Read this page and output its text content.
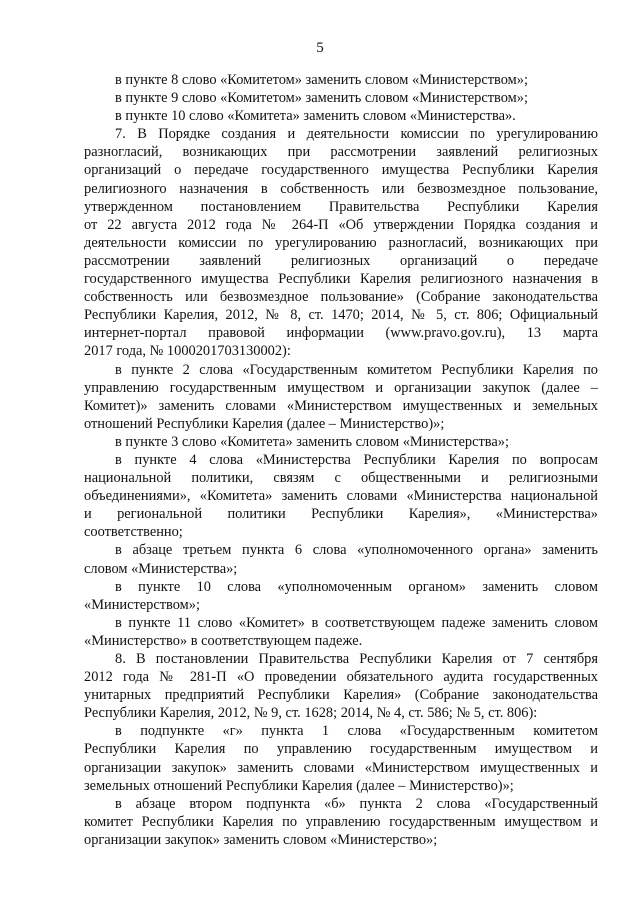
5

в пункте 8 слово «Комитетом» заменить словом «Министерством»;

в пункте 9 слово «Комитетом» заменить словом «Министерством»;

в пункте 10 слово «Комитета» заменить словом «Министерства».

7. В Порядке создания и деятельности комиссии по урегулированию
разногласий, возникающих при рассмотрении заявлений религиозных
организаций о передаче государственного имущества Республики Карелия
религиозного назначения в собственность или безвозмездное пользование,
утвержденном постановлением Правительства Республики Карелия
от 22 августа 2012 года № 264-П «Об утверждении Порядка создания и
деятельности комиссии по урегулированию разногласий, возникающих при
рассмотрении заявлений религиозных организаций о передаче
государственного имущества Республики Карелия религиозного назначения в
собственность или безвозмездное пользование» (Собрание законодательства
Республики Карелия, 2012, № 8, ст. 1470; 2014, № 5, ст. 806; Официальный
интернет-портал правовой информации (www.pravo.gov.ru), 13 марта
2017 года, № 1000201703130002):

в пункте 2 слова «Государственным комитетом Республики Карелия по
управлению государственным имуществом и организации закупок (далее –
Комитет)» заменить словами «Министерством имущественных и земельных
отношений Республики Карелия (далее – Министерство)»;

в пункте 3 слово «Комитета» заменить словом «Министерства»;

в пункте 4 слова «Министерства Республики Карелия по вопросам
национальной политики, связям с общественными и религиозными
объединениями», «Комитета» заменить словами «Министерства национальной
и региональной политики Республики Карелия», «Министерства»
соответственно;

в абзаце третьем пункта 6 слова «уполномоченного органа» заменить
словом «Министерства»;

в пункте 10 слова «уполномоченным органом» заменить словом
«Министерством»;

в пункте 11 слово «Комитет» в соответствующем падеже заменить словом
«Министерство» в соответствующем падеже.

8. В постановлении Правительства Республики Карелия от 7 сентября
2012 года № 281-П «О проведении обязательного аудита государственных
унитарных предприятий Республики Карелия» (Собрание законодательства
Республики Карелия, 2012, № 9, ст. 1628; 2014, № 4, ст. 586; № 5, ст. 806):

в подпункте «г» пункта 1 слова «Государственным комитетом
Республики Карелия по управлению государственным имуществом и
организации закупок» заменить словами «Министерством имущественных и
земельных отношений Республики Карелия (далее – Министерство)»;

в абзаце втором подпункта «б» пункта 2 слова «Государственный
комитет Республики Карелия по управлению государственным имуществом и
организации закупок» заменить словом «Министерство»;
